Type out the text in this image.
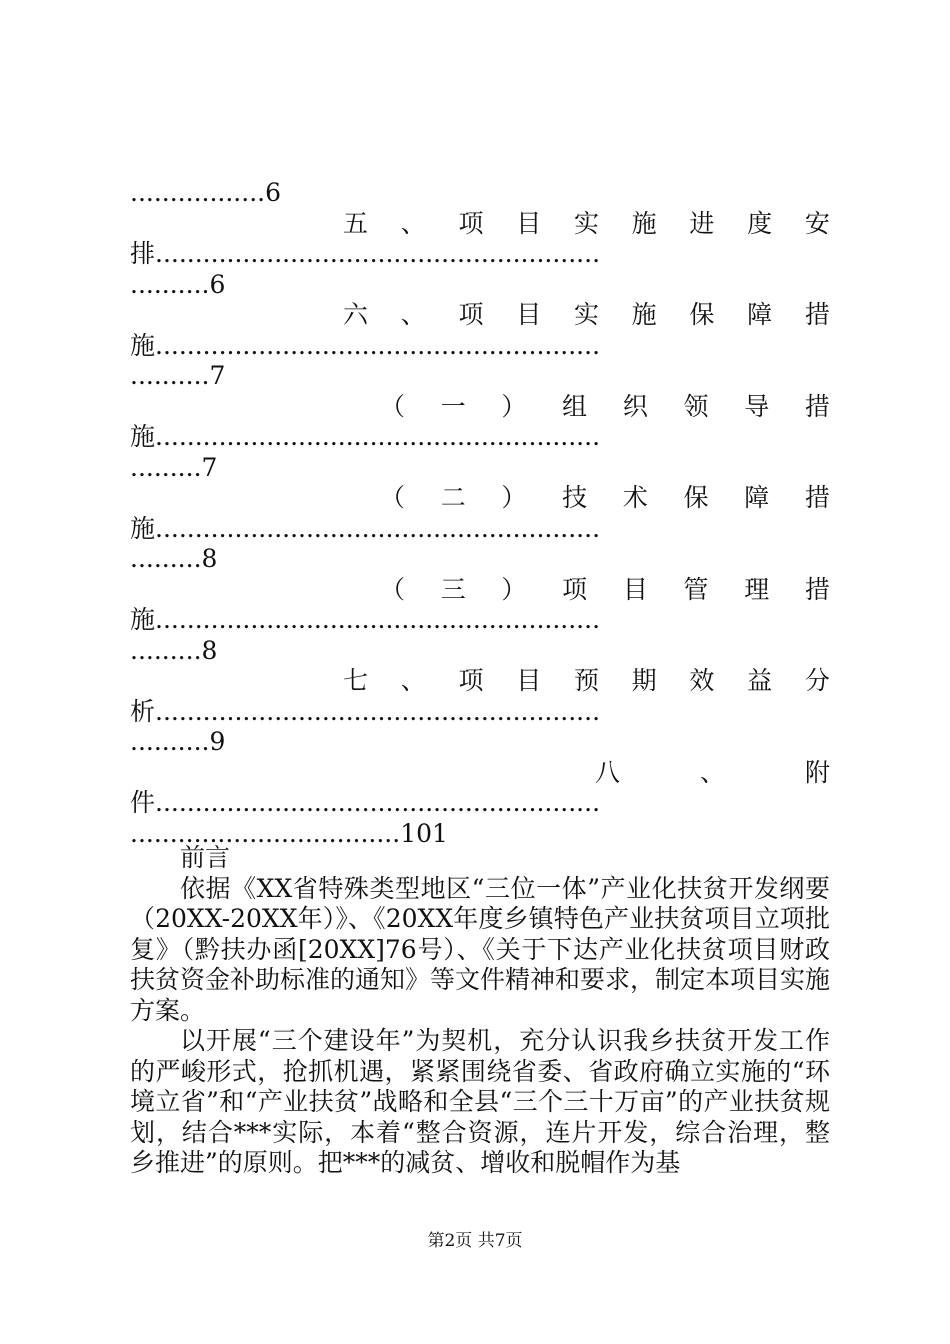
.................6
五 、 项 目 实 施 进 度 安
排........................................................
..........6
六 、 项 目 实 施 保 障 措
施........................................................
..........7
（ 一 ） 组 织 领 导 措
施........................................................
.........7
（ 二 ） 技 术 保 障 措
施........................................................
.........8
（ 三 ） 项 目 管 理 措
施........................................................
.........8
七 、 项 目 预 期 效 益 分
析........................................................
..........9
八	、	附
件........................................................
..................................101

前言

依据《XX省特殊类型地区“三位一体”产业化扶贫开发纲要（20XX-20XX年）》、《20XX年度乡镇特色产业扶贫项目立项批复》（黔扶办函[20XX]76号）、《关于下达产业化扶贫项目财政扶贫资金补助标准的通知》等文件精神和要求，制定本项目实施方案。

以开展“三个建设年”为契机，充分认识我乡扶贫开发工作的严峻形式，抢抓机遇，紧紧围绕省委、省政府确立实施的“环境立省”和“产业扶贫”战略和全县“三个三十万亩”的产业扶贫规划，结合***实际，本着“整合资源，连片开发，综合治理，整乡推进”的原则。把***的减贫、增收和脱帽作为基

第2页 共7页
